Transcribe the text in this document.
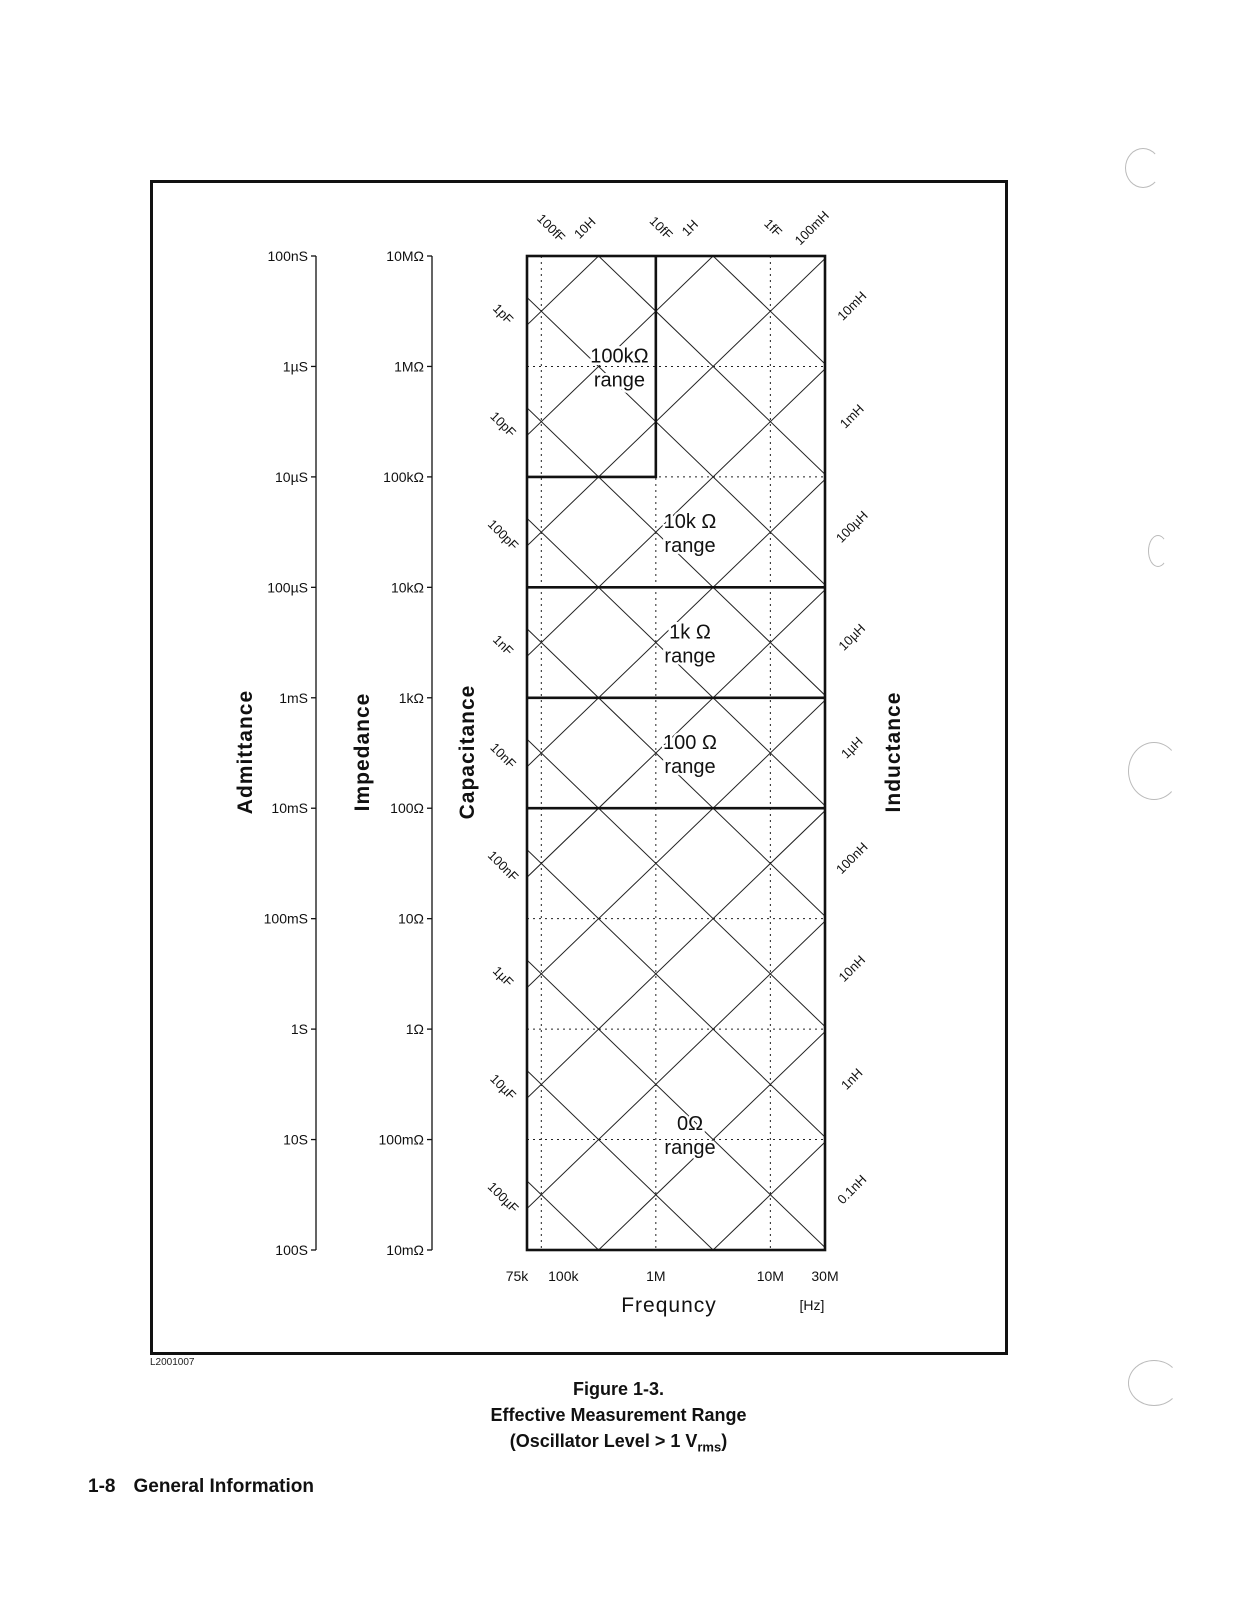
100nS
1µS
10µS
100µS
1mS
10mS
100mS
1S
10S
100S
10MΩ
1MΩ
100kΩ
10kΩ
1kΩ
100Ω
10Ω
1Ω
100mΩ
10mΩ
Admittance	Impedance	Capacitance	Inductance
75k 100k	1M	10M 30M
Frequncy	[Hz]
1pF
10pF
100pF
1nF
10nF
100nF
1µF
10µF
100µF
10mH
1mH
100µH
10µH
1µH
100nH
10nH
1nH
0.1nH
100fF	10fF	1fF
10H	1H	100mH
100kΩ
range
10k Ω
range
1k Ω
range
100 Ω
range
0Ω
range
L2001007
Figure 1-3.
Effective Measurement Range
(Oscillator Level > 1 $V_{rms}$)
1-8 General Information
